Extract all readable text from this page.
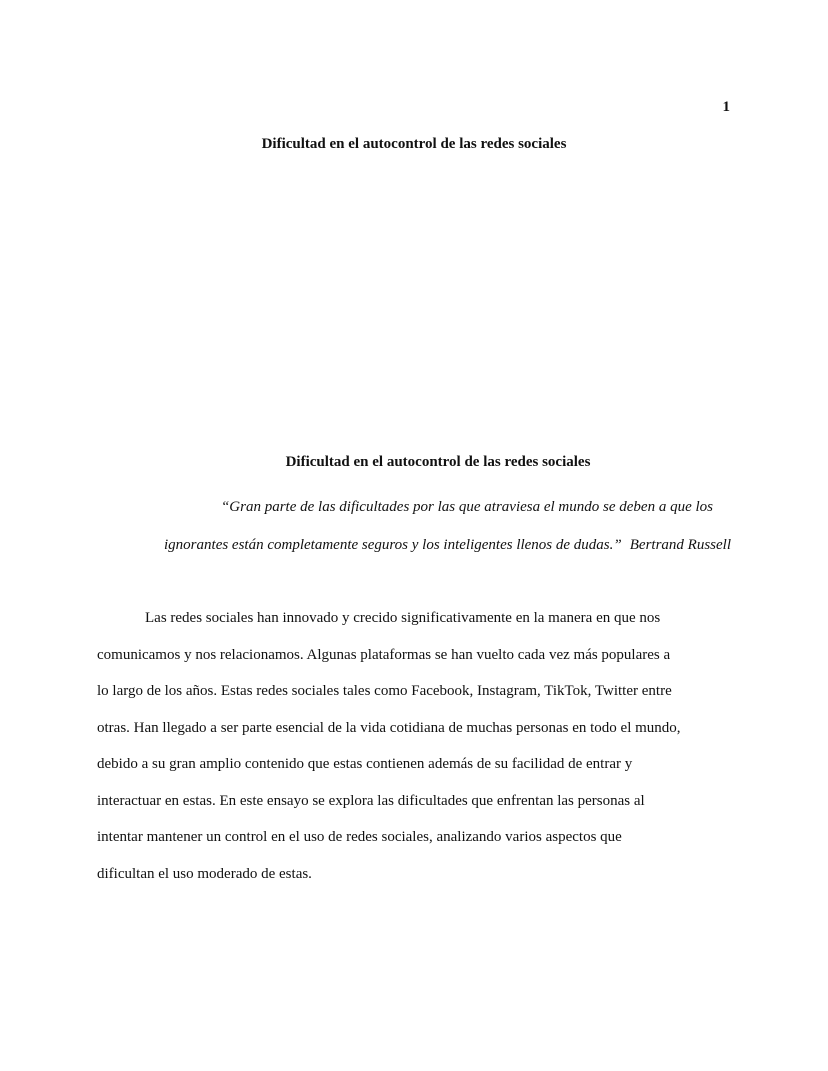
1
Dificultad en el autocontrol de las redes sociales
Dificultad en el autocontrol de las redes sociales
“Gran parte de las dificultades por las que atraviesa el mundo se deben a que los
ignorantes están completamente seguros y los inteligentes llenos de dudas.” Bertrand Russell
Las redes sociales han innovado y crecido significativamente en la manera en que nos
comunicamos y nos relacionamos. Algunas plataformas se han vuelto cada vez más populares a
lo largo de los años. Estas redes sociales tales como Facebook, Instagram, TikTok, Twitter entre
otras. Han llegado a ser parte esencial de la vida cotidiana de muchas personas en todo el mundo,
debido a su gran amplio contenido que estas contienen además de su facilidad de entrar y
interactuar en estas. En este ensayo se explora las dificultades que enfrentan las personas al
intentar mantener un control en el uso de redes sociales, analizando varios aspectos que
dificultan el uso moderado de estas.
